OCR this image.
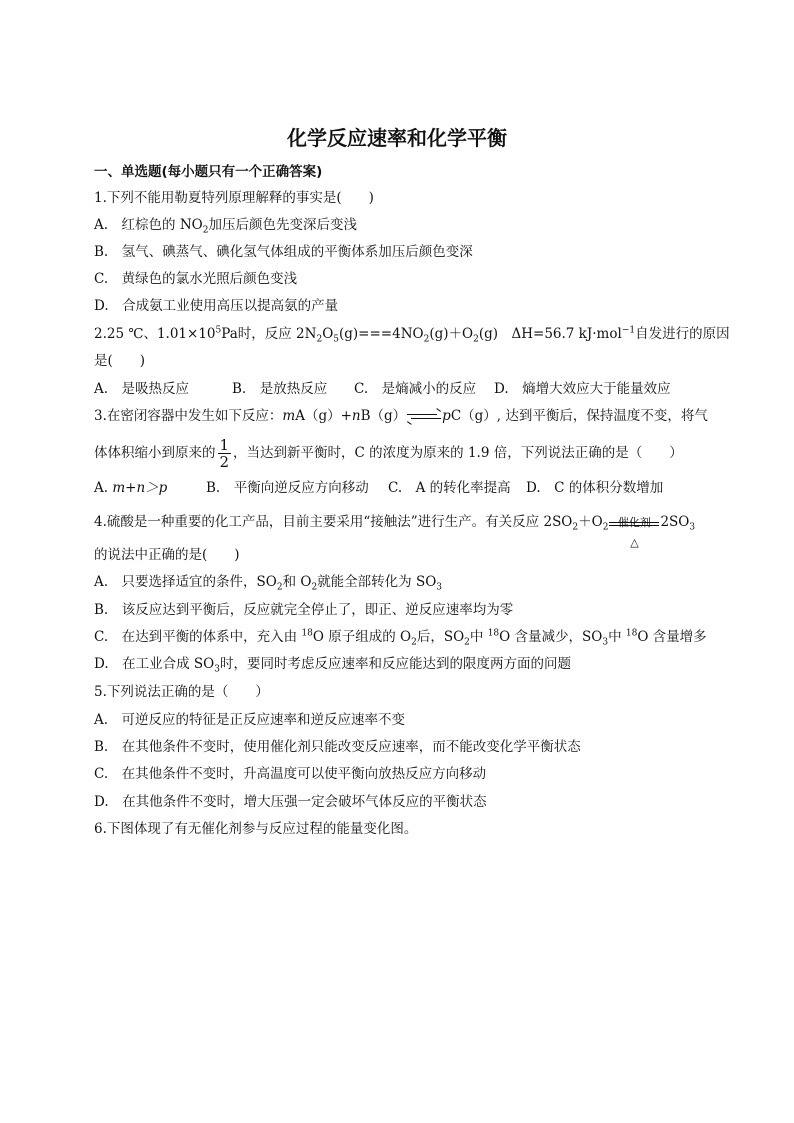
化学反应速率和化学平衡
一、单选题(每小题只有一个正确答案)
1.下列不能用勒夏特列原理解释的事实是(　　)
A.　红棕色的 $NO_2$加压后颜色先变深后变浅
B.　氢气、碘蒸气、碘化氢气体组成的平衡体系加压后颜色变深
C.　黄绿色的氯水光照后颜色变浅
D.　合成氨工业使用高压以提高氨的产量
2.25 ℃、$1.01\times 10^5Pa$时，反应 $2N_2O_5(g)===4NO_2(g)+O_2(g)$　ΔH=56.7 kJ·mol$^{-1}$自发进行的原因
是(　　)
A.　是吸热反应	B.　是放热反应 C.　是熵减小的反应 D.　熵增大效应大于能量效应
3.在密闭容器中发生如下反应：mA（g）+nB（g）→pC（g）, 达到平衡后，保持温度不变，将气
体体积缩小到原来的 $\frac{1}{2}$ ，当达到新平衡时，C 的浓度为原来的 1.9 倍，下列说法正确的是（　　）
A. m+n＞p	B.　平衡向逆反应方向移动 C.　A 的转化率提高 D.　C 的体积分数增加
4.硫酸是一种重要的化工产品，目前主要采用“接触法”进行生产。有关反应 $2SO_2+O_2$ 催化剂
△
$2SO_3$
的说法中正确的是(　　)
A.　只要选择适宜的条件，$SO_2$和 $O_2$就能全部转化为 $SO_3$
B.　该反应达到平衡后，反应就完全停止了，即正、逆反应速率均为零
C.　在达到平衡的体系中，充入由 $^{18}$O 原子组成的 $O_2$后，$SO_2$中 $^{18}$O 含量减少，$SO_3$中 $^{18}$O 含量增多
D.　在工业合成 $SO_3$时，要同时考虑反应速率和反应能达到的限度两方面的问题
5.下列说法正确的是（　　）
A.　可逆反应的特征是正反应速率和逆反应速率不变
B.　在其他条件不变时，使用催化剂只能改变反应速率，而不能改变化学平衡状态
C.　在其他条件不变时，升高温度可以使平衡向放热反应方向移动
D.　在其他条件不变时，增大压强一定会破坏气体反应的平衡状态
6.下图体现了有无催化剂参与反应过程的能量变化图。
